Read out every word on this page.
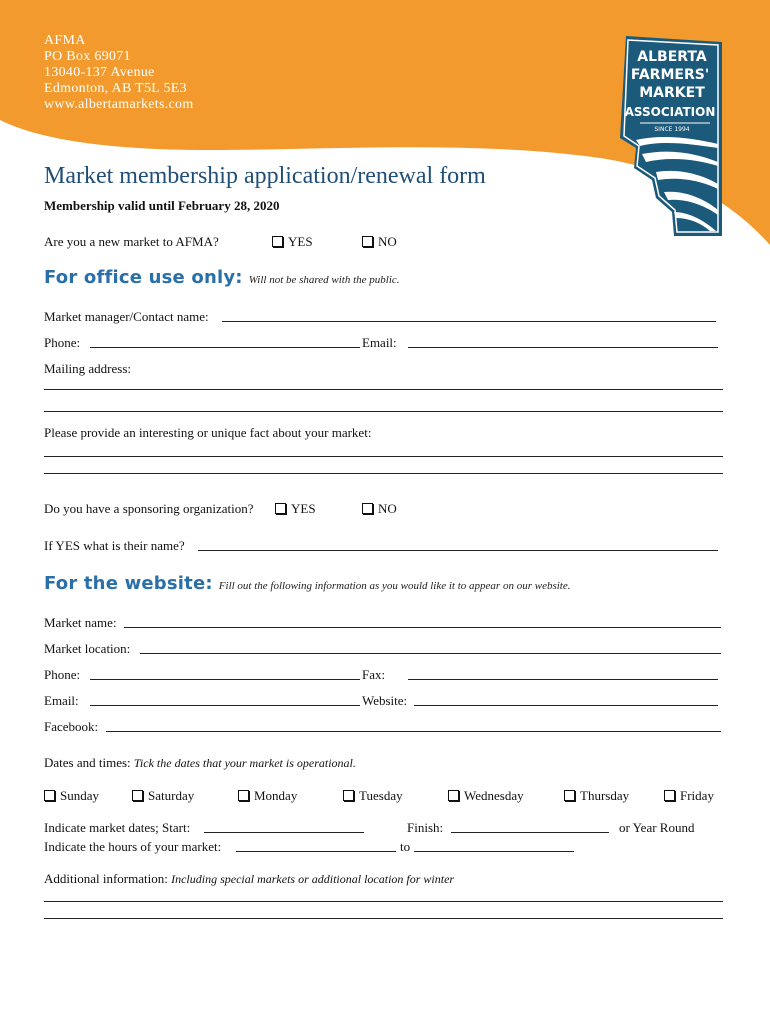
AFMA
PO Box 69071
13040-137 Avenue
Edmonton, AB T5L 5E3
www.albertamarkets.com
ALBERTA
FARMERS'
MARKET
ASSOCIATION
SINCE 1994
Market membership application/renewal form
Membership valid until February 28, 2020
Are you a new market to AFMA?	YES	NO
For office use only: Will not be shared with the public.
Market manager/Contact name:
Phone:	Email:
Mailing address:
Please provide an interesting or unique fact about your market:
Do you have a sponsoring organization?	YES	NO
If YES what is their name?
For the website: Fill out the following information as you would like it to appear on our website.
Market name:
Market location:
Phone:	Fax:
Email:	Website:
Facebook:
Dates and times: Tick the dates that your market is operational.
Sunday	Saturday	Monday	Tuesday	Wednesday	Thursday	Friday
Indicate market dates; Start:	Finish:	or Year Round
Indicate the hours of your market:	to
Additional information: Including special markets or additional location for winter
